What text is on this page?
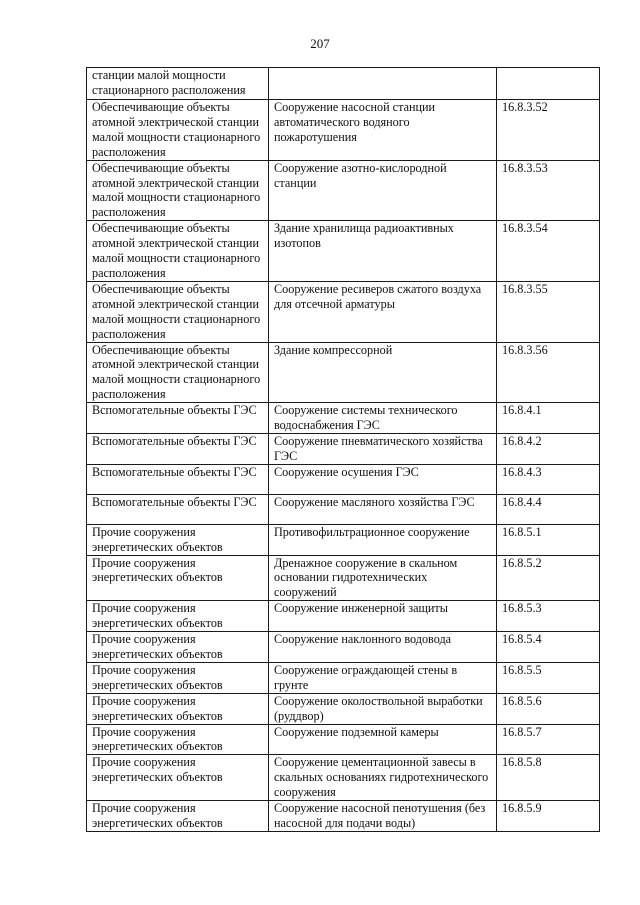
207
станции малой мощности стационарного расположения		
Обеспечивающие объекты атомной электрической станции малой мощности стационарного расположения	Сооружение насосной станции автоматического водяного пожаротушения	16.8.3.52
Обеспечивающие объекты атомной электрической станции малой мощности стационарного расположения	Сооружение азотно-кислородной станции	16.8.3.53
Обеспечивающие объекты атомной электрической станции малой мощности стационарного расположения	Здание хранилища радиоактивных изотопов	16.8.3.54
Обеспечивающие объекты атомной электрической станции малой мощности стационарного расположения	Сооружение ресиверов сжатого воздуха для отсечной арматуры	16.8.3.55
Обеспечивающие объекты атомной электрической станции малой мощности стационарного расположения	Здание компрессорной	16.8.3.56
Вспомогательные объекты ГЭС	Сооружение системы технического водоснабжения ГЭС	16.8.4.1
Вспомогательные объекты ГЭС	Сооружение пневматического хозяйства ГЭС	16.8.4.2
Вспомогательные объекты ГЭС	Сооружение осушения ГЭС	16.8.4.3
Вспомогательные объекты ГЭС	Сооружение масляного хозяйства ГЭС	16.8.4.4
Прочие сооружения энергетических объектов	Противофильтрационное сооружение	16.8.5.1
Прочие сооружения энергетических объектов	Дренажное сооружение в скальном основании гидротехнических сооружений	16.8.5.2
Прочие сооружения энергетических объектов	Сооружение инженерной защиты	16.8.5.3
Прочие сооружения энергетических объектов	Сооружение наклонного водовода	16.8.5.4
Прочие сооружения энергетических объектов	Сооружение ограждающей стены в грунте	16.8.5.5
Прочие сооружения энергетических объектов	Сооружение околоствольной выработки (руддвор)	16.8.5.6
Прочие сооружения энергетических объектов	Сооружение подземной камеры	16.8.5.7
Прочие сооружения энергетических объектов	Сооружение цементационной завесы в скальных основаниях гидротехнического сооружения	16.8.5.8
Прочие сооружения энергетических объектов	Сооружение насосной пенотушения (без насосной для подачи воды)	16.8.5.9
